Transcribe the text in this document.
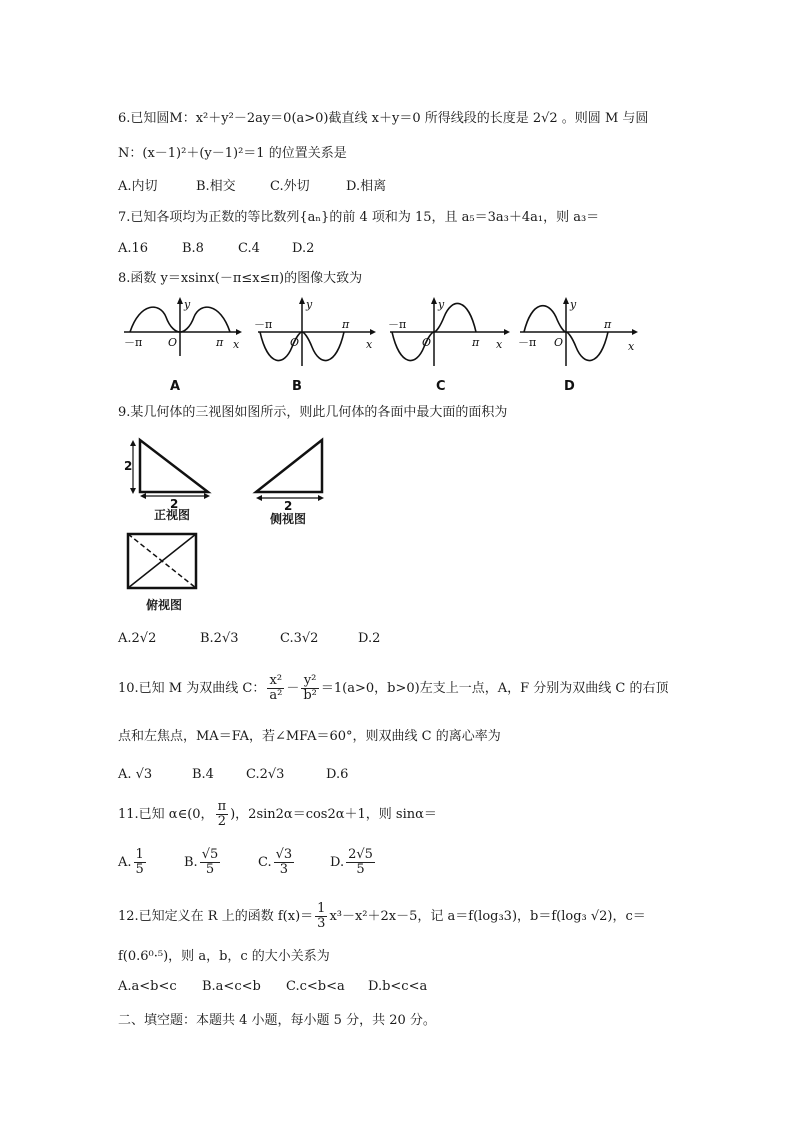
6.已知圆M：x²＋y²－2ay＝0(a>0)截直线 x＋y＝0 所得线段的长度是 2√2 。则圆 M 与圆
N：(x－1)²＋(y－1)²＝1 的位置关系是
A.内切	B.相交	C.外切	D.相离
7.已知各项均为正数的等比数列{aₙ}的前 4 项和为 15，且 a₅＝3a₃＋4a₁，则 a₃＝
A.16	B.8	C.4 D.2
8.函数 y＝xsinx(－π≤x≤π)的图像大致为
y
x
O
－π	π
A
y
x
O
－π	π
B
y
x
O
－π
π
C
y
x
O
－π
π
D
9.某几何体的三视图如图所示，则此几何体的各面中最大面的面积为
2
2
正视图
2
侧视图
俯视图
A.2√2	B.2√3	C.3√2	D.2
10.已知 M 为双曲线 C： $\frac{\text{x²}}{\text{a²}} - \frac{\text{y²}}{\text{b²}} =1(a>0$，b>0)左支上一点，A，F 分别为双曲线 C 的右顶
点和左焦点，MA＝FA，若∠MFA＝60°，则双曲线 C 的离心率为
A. √3	B.4 C.2√3	D.6
11.已知 α∈(0， $\frac{\pi}{2}$ )，2sin2α＝cos2α＋1，则 sinα＝
A. $\frac{1}{5}$	B. $\frac{√5}{5}$	C. $\frac{√3}{3}$	D. $\frac{2√5}{5}$
12.已知定义在 R 上的函数 $f(x)= \frac{1}{3} x^3-x^2+2x-5$，记 a＝f(log₃3)，b＝f(log₃ √2)，c＝
f(0.6⁰·⁵)，则 a，b，c 的大小关系为
A.a<b<c B.a<c<b C.c<b<a D.b<c<a
二、填空题：本题共 4 小题，每小题 5 分，共 20 分。
